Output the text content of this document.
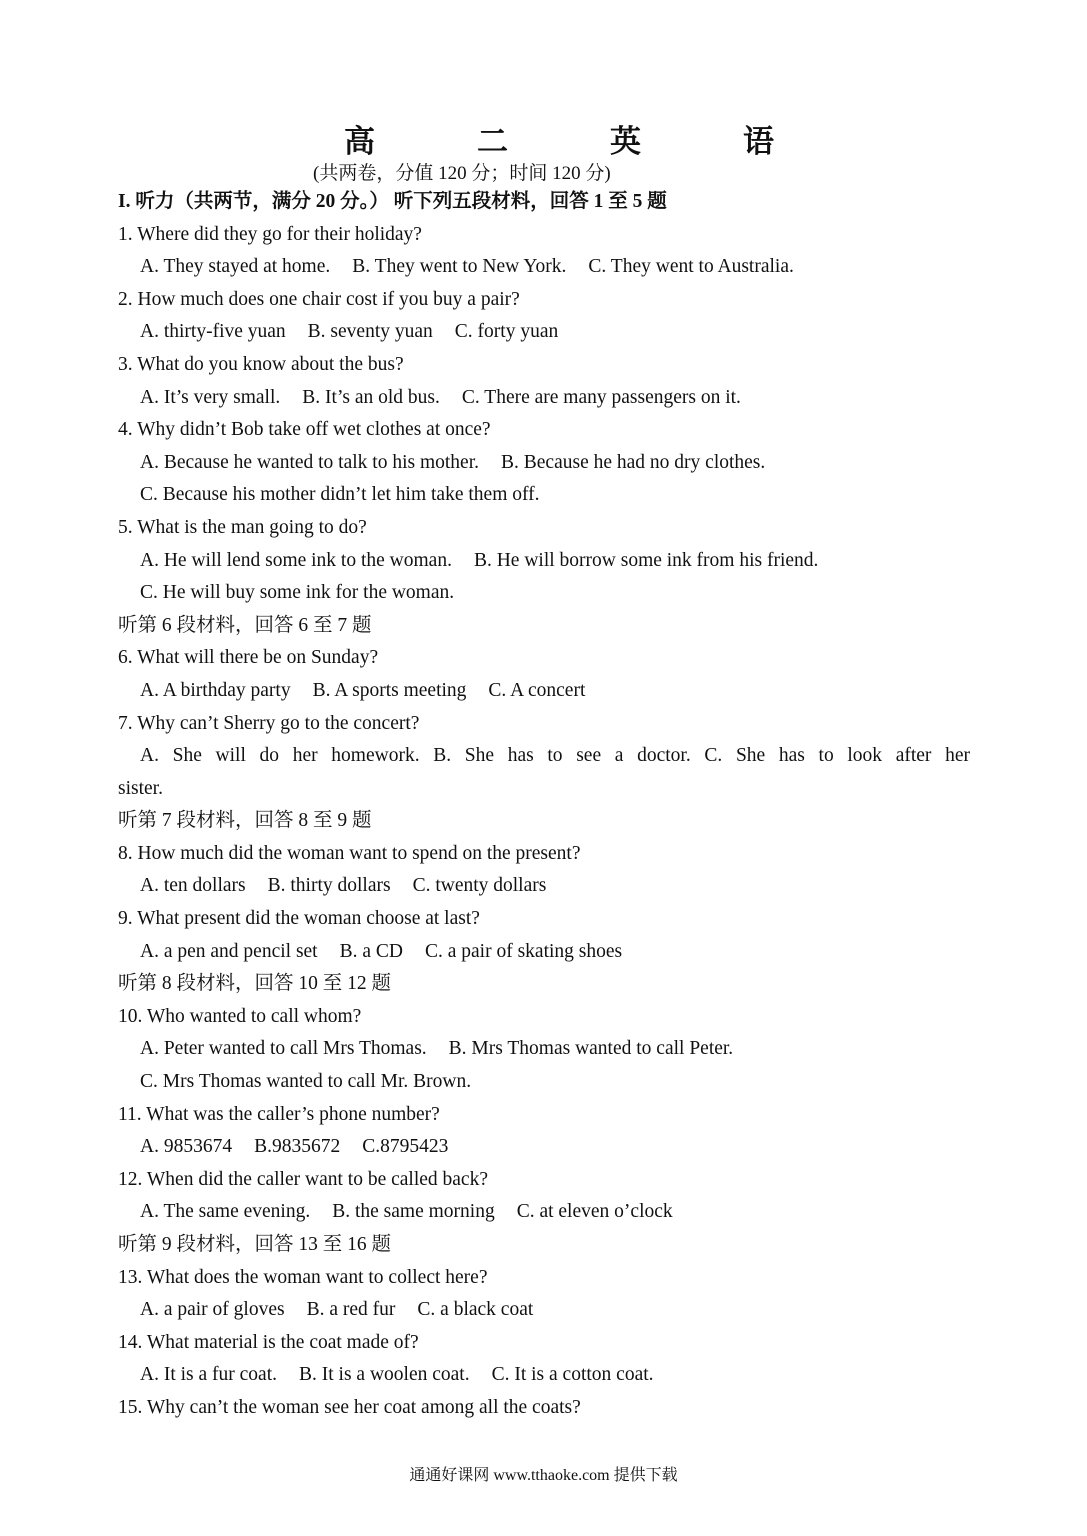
高	二	英	语
(共两卷，分值 120 分；时间 120 分)
I. 听力（共两节，满分 20 分。） 听下列五段材料，回答 1 至 5 题
1. Where did they go for their holiday?
A. They stayed at home. B. They went to New York. C. They went to Australia.
2. How much does one chair cost if you buy a pair?
A. thirty-five yuan B. seventy yuan C. forty yuan
3. What do you know about the bus?
A. It’s very small. B. It’s an old bus. C. There are many passengers on it.
4. Why didn’t Bob take off wet clothes at once?
A. Because he wanted to talk to his mother. B. Because he had no dry clothes.
C. Because his mother didn’t let him take them off.
5. What is the man going to do?
A. He will lend some ink to the woman. B. He will borrow some ink from his friend.
C. He will buy some ink for the woman.
听第 6 段材料，回答 6 至 7 题
6. What will there be on Sunday?
A. A birthday party B. A sports meeting C. A concert
7. Why can’t Sherry go to the concert?
A. She will do her homework. B. She has to see a doctor. C. She has to look after her
sister.
听第 7 段材料，回答 8 至 9 题
8. How much did the woman want to spend on the present?
A. ten dollars B. thirty dollars C. twenty dollars
9. What present did the woman choose at last?
A. a pen and pencil set B. a CD C. a pair of skating shoes
听第 8 段材料，回答 10 至 12 题
10. Who wanted to call whom?
A. Peter wanted to call Mrs Thomas. B. Mrs Thomas wanted to call Peter.
C. Mrs Thomas wanted to call Mr. Brown.
11. What was the caller’s phone number?
A. 9853674 B.9835672 C.8795423
12. When did the caller want to be called back?
A. The same evening. B. the same morning C. at eleven o’clock
听第 9 段材料，回答 13 至 16 题
13. What does the woman want to collect here?
A. a pair of gloves B. a red fur C. a black coat
14. What material is the coat made of?
A. It is a fur coat. B. It is a woolen coat. C. It is a cotton coat.
15. Why can’t the woman see her coat among all the coats?
通通好课网 www.tthaoke.com 提供下载
